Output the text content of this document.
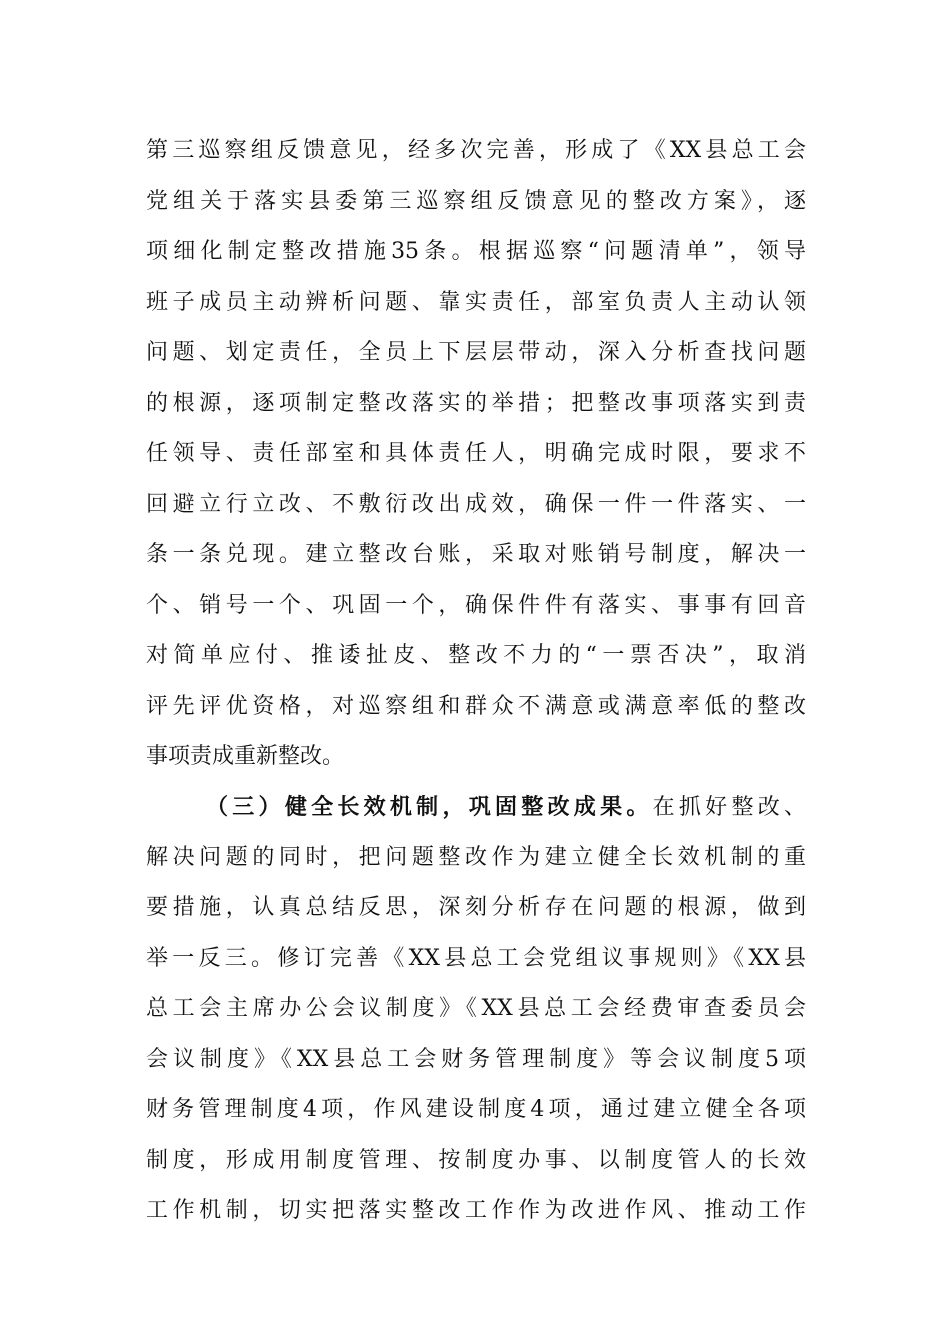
第三巡察组反馈意见，经多次完善，形成了《XX县总工会
党组关于落实县委第三巡察组反馈意见的整改方案》，逐
项细化制定整改措施35条。根据巡察“问题清单”，领导
班子成员主动辨析问题、靠实责任，部室负责人主动认领
问题、划定责任，全员上下层层带动，深入分析查找问题
的根源，逐项制定整改落实的举措；把整改事项落实到责
任领导、责任部室和具体责任人，明确完成时限，要求不
回避立行立改、不敷衍改出成效，确保一件一件落实、一
条一条兑现。建立整改台账，采取对账销号制度，解决一
个、销号一个、巩固一个，确保件件有落实、事事有回音
对简单应付、推诿扯皮、整改不力的“一票否决”，取消
评先评优资格，对巡察组和群众不满意或满意率低的整改
事项责成重新整改。
（三）健全长效机制，巩固整改成果。在抓好整改、
解决问题的同时，把问题整改作为建立健全长效机制的重
要措施，认真总结反思，深刻分析存在问题的根源，做到
举一反三。修订完善《XX县总工会党组议事规则》《XX县
总工会主席办公会议制度》《XX县总工会经费审查委员会
会议制度》《XX县总工会财务管理制度》等会议制度5项
财务管理制度4项，作风建设制度4项，通过建立健全各项
制度，形成用制度管理、按制度办事、以制度管人的长效
工作机制，切实把落实整改工作作为改进作风、推动工作
